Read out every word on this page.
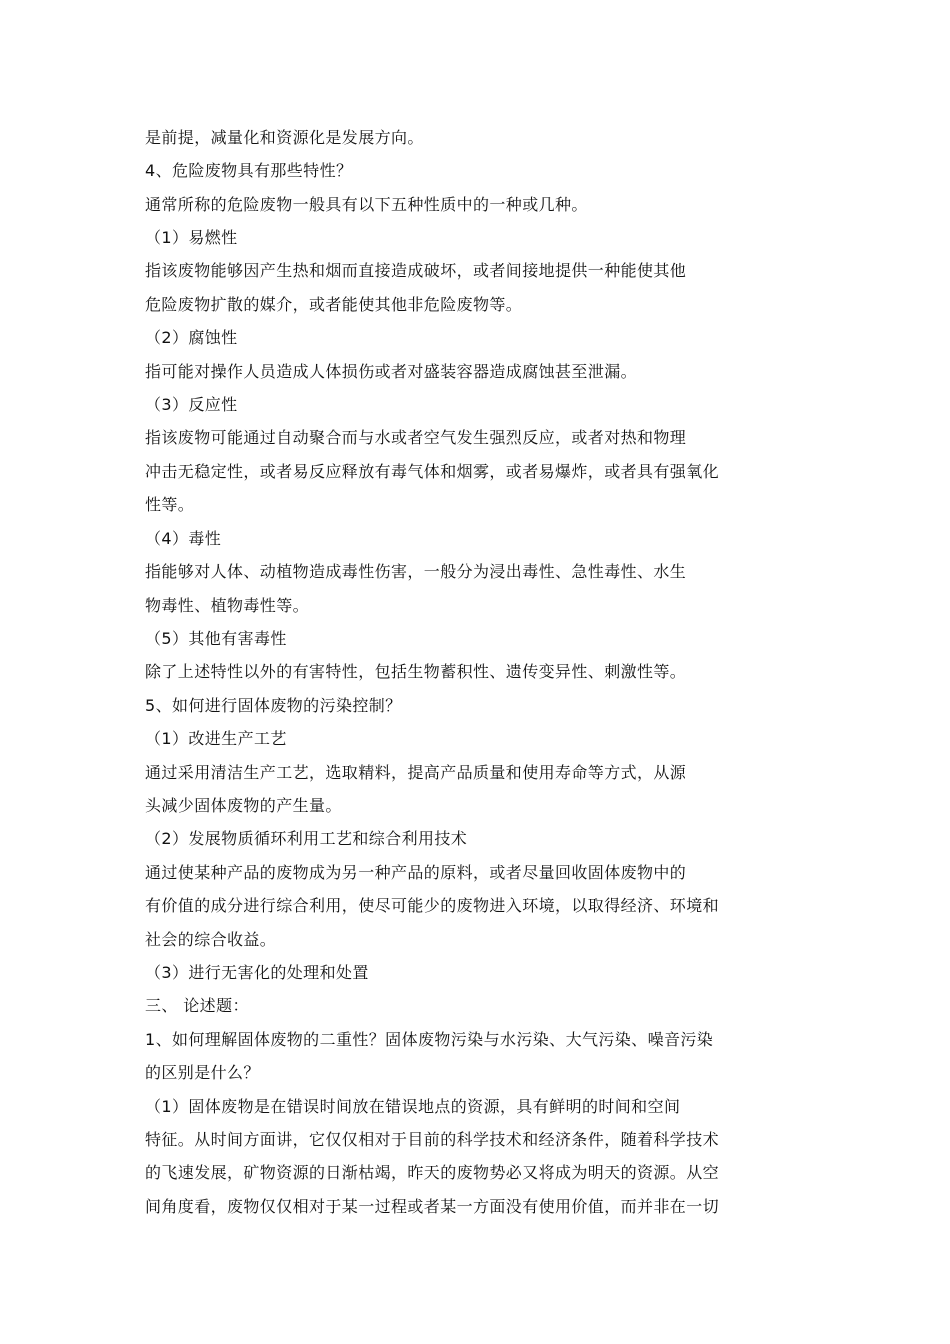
是前提，减量化和资源化是发展方向。
4、危险废物具有那些特性？
通常所称的危险废物一般具有以下五种性质中的一种或几种。
（1）易燃性
指该废物能够因产生热和烟而直接造成破坏，或者间接地提供一种能使其他
危险废物扩散的媒介，或者能使其他非危险废物等。
（2）腐蚀性
指可能对操作人员造成人体损伤或者对盛装容器造成腐蚀甚至泄漏。
（3）反应性
指该废物可能通过自动聚合而与水或者空气发生强烈反应，或者对热和物理
冲击无稳定性，或者易反应释放有毒气体和烟雾，或者易爆炸，或者具有强氧化
性等。
（4）毒性
指能够对人体、动植物造成毒性伤害，一般分为浸出毒性、急性毒性、水生
物毒性、植物毒性等。
（5）其他有害毒性
除了上述特性以外的有害特性，包括生物蓄积性、遗传变异性、刺激性等。
5、如何进行固体废物的污染控制？
（1）改进生产工艺
通过采用清洁生产工艺，选取精料，提高产品质量和使用寿命等方式，从源
头减少固体废物的产生量。
（2）发展物质循环利用工艺和综合利用技术
通过使某种产品的废物成为另一种产品的原料，或者尽量回收固体废物中的
有价值的成分进行综合利用，使尽可能少的废物进入环境，以取得经济、环境和
社会的综合收益。
（3）进行无害化的处理和处置
三、 论述题：
1、如何理解固体废物的二重性？固体废物污染与水污染、大气污染、噪音污染
的区别是什么？
（1）固体废物是在错误时间放在错误地点的资源，具有鲜明的时间和空间
特征。从时间方面讲，它仅仅相对于目前的科学技术和经济条件，随着科学技术
的飞速发展，矿物资源的日渐枯竭，昨天的废物势必又将成为明天的资源。从空
间角度看，废物仅仅相对于某一过程或者某一方面没有使用价值，而并非在一切
